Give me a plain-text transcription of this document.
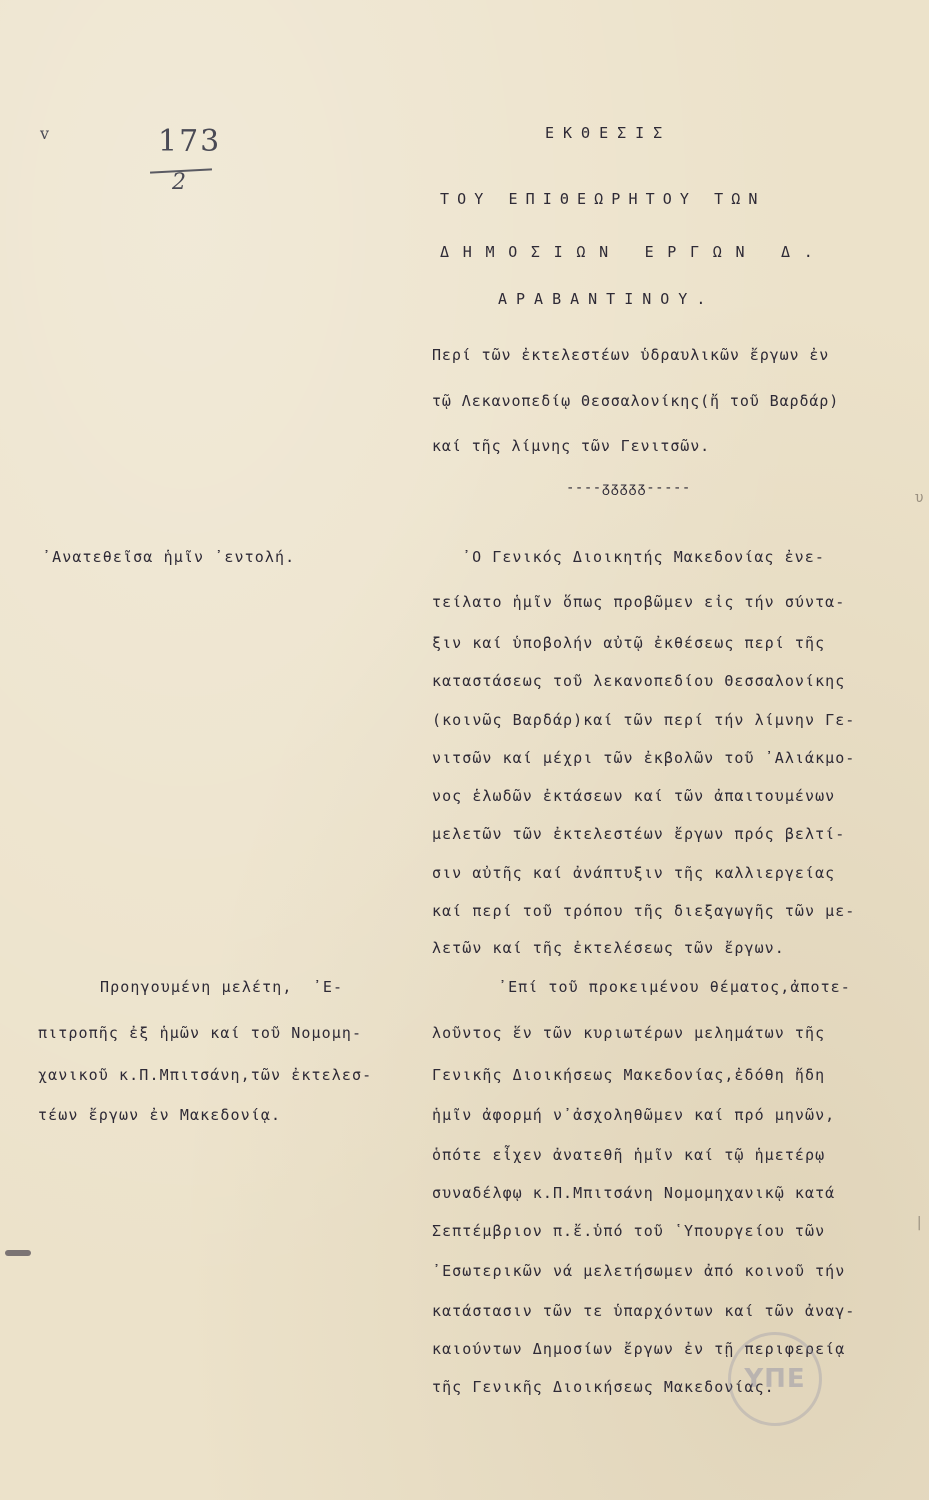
v	173
2
ΕΚΘΕΣΙΣ
ΤΟΥ ΕΠΙΘΕΩΡΗΤΟΥ ΤΩΝ
ΔΗΜΟΣΙΩΝ ΕΡΓΩΝ Δ.
ΑΡΑΒΑΝΤΙΝΟΥ.
Περί τῶν ἐκτελεστέων ὑδραυλικῶν ἔργων ἐν
τῷ Λεκανοπεδίῳ Θεσσαλονίκης(ἤ τοῦ Βαρδάρ)
καί τῆς λίμνης τῶν Γενιτσῶν.
----ᵹᵹᵹᵹᵹ-----
᾿Ανατεθεῖσα ἡμῖν ᾿εντολή.
Προηγουμένη μελέτη,  ᾿Ε-
πιτροπῆς ἐξ ἡμῶν καί τοῦ Νομομη-
χανικοῦ κ.Π.Μπιτσάνη,τῶν ἐκτελεσ-
τέων ἔργων ἐν Μακεδονίᾳ.
᾿Ο Γενικός Διοικητής Μακεδονίας ἐνε-
τείλατο ἡμῖν ὅπως προβῶμεν εἰς τήν σύντα-
ξιν καί ὑποβολήν αὐτῷ ἐκθέσεως περί τῆς
καταστάσεως τοῦ λεκανοπεδίου Θεσσαλονίκης
(κοινῶς Βαρδάρ)καί τῶν περί τήν λίμνην Γε-
νιτσῶν καί μέχρι τῶν ἐκβολῶν τοῦ ᾿Αλιάκμο-
νος ἑλωδῶν ἐκτάσεων καί τῶν ἀπαιτουμένων
μελετῶν τῶν ἐκτελεστέων ἔργων πρός βελτί-
σιν αὐτῆς καί ἀνάπτυξιν τῆς καλλιεργείας
καί περί τοῦ τρόπου τῆς διεξαγωγῆς τῶν με-
λετῶν καί τῆς ἐκτελέσεως τῶν ἔργων.
᾿Επί τοῦ προκειμένου θέματος,ἀποτε-
λοῦντος ἕν τῶν κυριωτέρων μελημάτων τῆς
Γενικῆς Διοικήσεως Μακεδονίας,ἐδόθη ἤδη
ἡμῖν ἀφορμή ν᾿ἀσχοληθῶμεν καί πρό μηνῶν,
ὁπότε εἶχεν ἀνατεθῆ ἡμῖν καί τῷ ἡμετέρῳ
συναδέλφῳ κ.Π.Μπιτσάνη Νομομηχανικῷ κατά
Σεπτέμβριον π.ἔ.ὑπό τοῦ ῾Υπουργείου τῶν
᾿Εσωτερικῶν νά μελετήσωμεν ἀπό κοινοῦ τήν
κατάστασιν τῶν τε ὑπαρχόντων καί τῶν ἀναγ-
καιούντων Δημοσίων ἔργων ἐν τῇ περιφερείᾳ
τῆς Γενικῆς Διοικήσεως Μακεδονίας.
υ
|
ΥΠΕ
